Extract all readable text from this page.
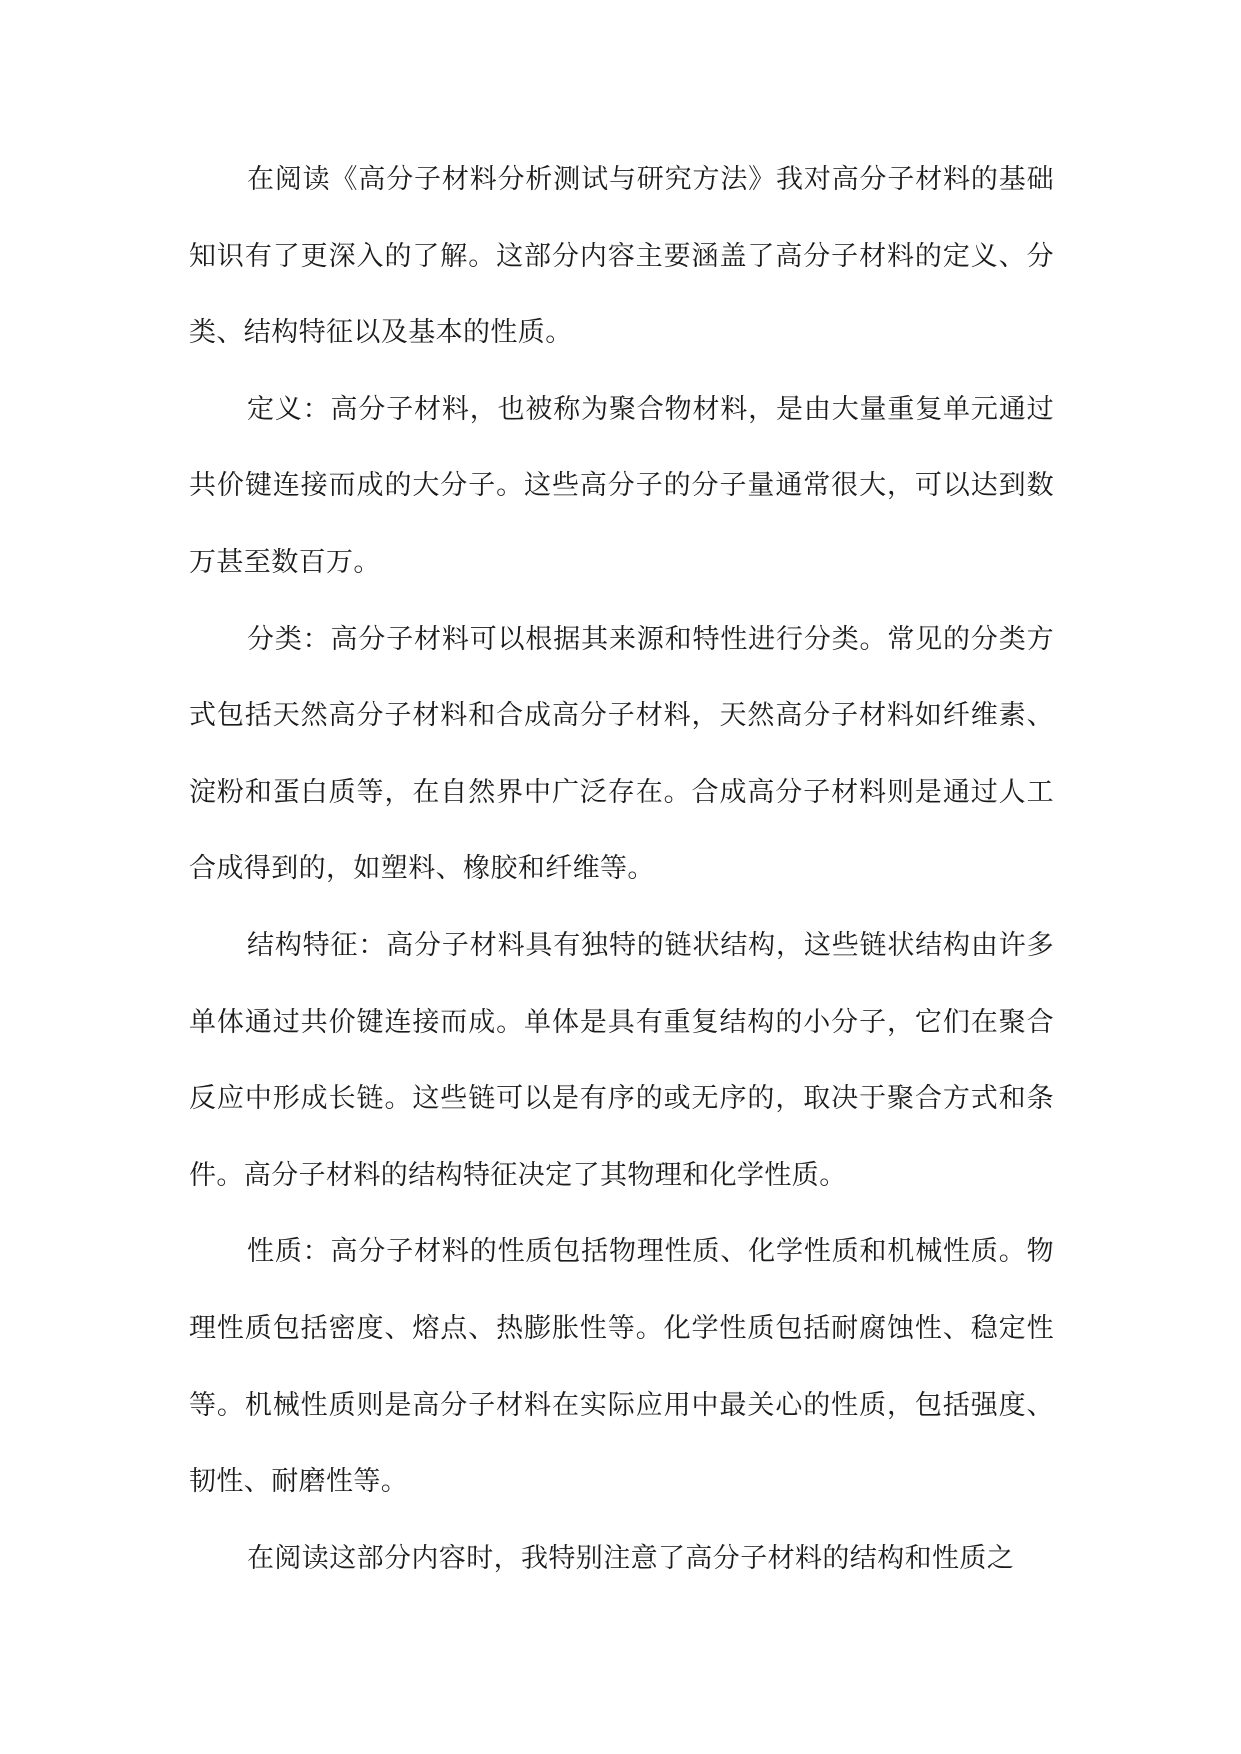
在阅读《高分子材料分析测试与研究方法》我对高分子材料的基础知识有了更深入的了解。这部分内容主要涵盖了高分子材料的定义、分类、结构特征以及基本的性质。

定义：高分子材料，也被称为聚合物材料，是由大量重复单元通过共价键连接而成的大分子。这些高分子的分子量通常很大，可以达到数万甚至数百万。

分类：高分子材料可以根据其来源和特性进行分类。常见的分类方式包括天然高分子材料和合成高分子材料，天然高分子材料如纤维素、淀粉和蛋白质等，在自然界中广泛存在。合成高分子材料则是通过人工合成得到的，如塑料、橡胶和纤维等。

结构特征：高分子材料具有独特的链状结构，这些链状结构由许多单体通过共价键连接而成。单体是具有重复结构的小分子，它们在聚合反应中形成长链。这些链可以是有序的或无序的，取决于聚合方式和条件。高分子材料的结构特征决定了其物理和化学性质。

性质：高分子材料的性质包括物理性质、化学性质和机械性质。物理性质包括密度、熔点、热膨胀性等。化学性质包括耐腐蚀性、稳定性等。机械性质则是高分子材料在实际应用中最关心的性质，包括强度、韧性、耐磨性等。

在阅读这部分内容时，我特别注意了高分子材料的结构和性质之
